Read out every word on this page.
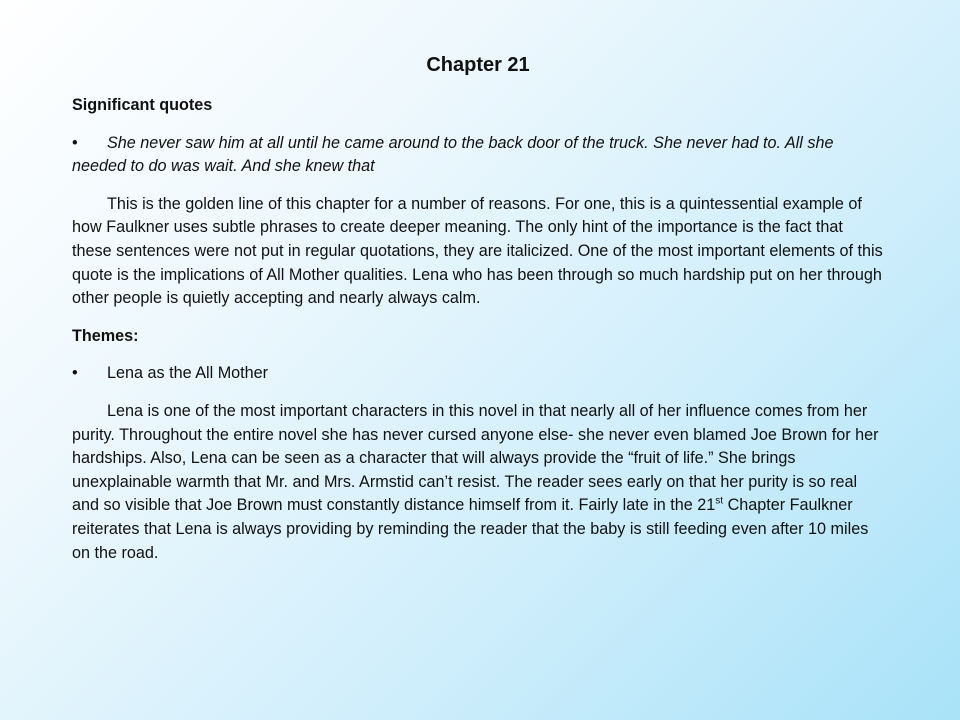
Chapter 21
Significant quotes
• She never saw him at all until he came around to the back door of the truck. She never had to. All she needed to do was wait. And she knew that
This is the golden line of this chapter for a number of reasons. For one, this is a quintessential example of how Faulkner uses subtle phrases to create deeper meaning. The only hint of the importance is the fact that these sentences were not put in regular quotations, they are italicized. One of the most important elements of this quote is the implications of All Mother qualities. Lena who has been through so much hardship put on her through other people is quietly accepting and nearly always calm.
Themes:
• Lena as the All Mother
Lena is one of the most important characters in this novel in that nearly all of her influence comes from her purity. Throughout the entire novel she has never cursed anyone else- she never even blamed Joe Brown for her hardships. Also, Lena can be seen as a character that will always provide the “fruit of life.” She brings unexplainable warmth that Mr. and Mrs. Armstid can’t resist. The reader sees early on that her purity is so real and so visible that Joe Brown must constantly distance himself from it. Fairly late in the 21st Chapter Faulkner reiterates that Lena is always providing by reminding the reader that the baby is still feeding even after 10 miles on the road.
